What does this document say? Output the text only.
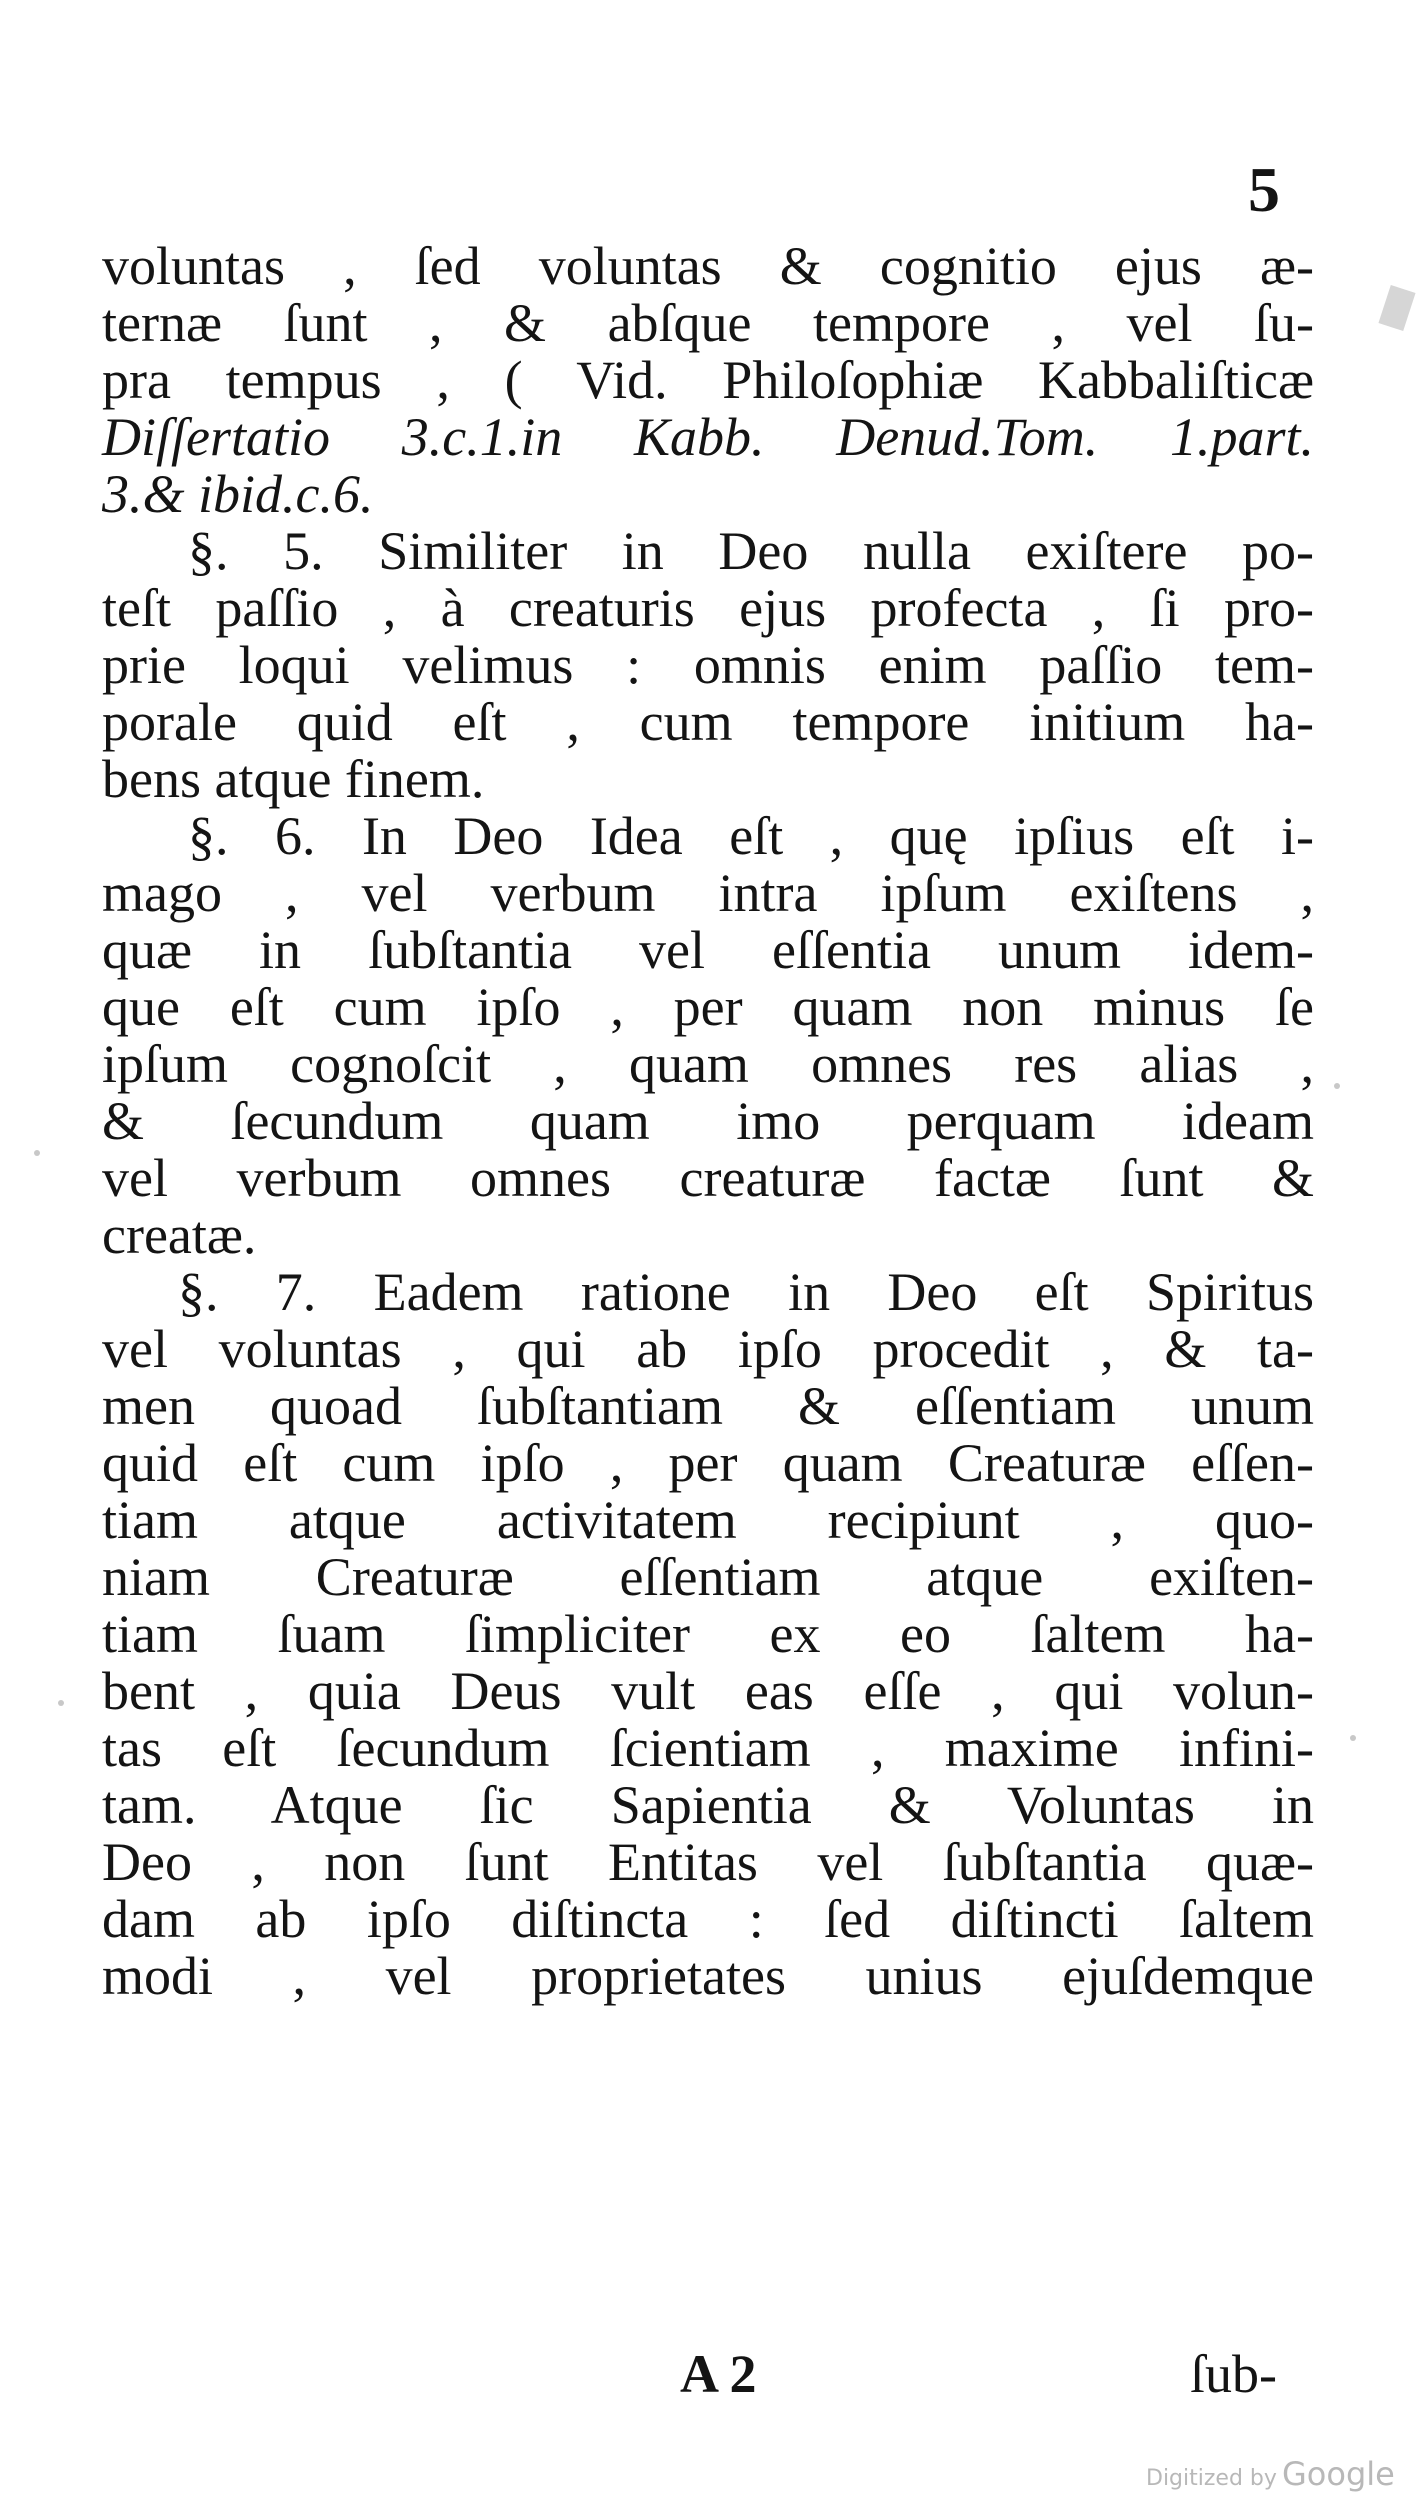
5
voluntas , ſed voluntas & cognitio ejus æ-
ternæ ſunt , & abſque tempore , vel ſu-
pra tempus , ( Vid. Philoſophiæ Kabbaliſticæ
Diſſertatio 3.c.1.in Kabb. Denud.Tom. 1.part.
3.& ibid.c.6.
§. 5. Similiter in Deo nulla exiſtere po-
teſt paſſio , à creaturis ejus profecta , ſi pro-
prie loqui velimus : omnis enim paſſio tem-
porale quid eſt , cum tempore initium ha-
bens atque finem.
§. 6. In Deo Idea eſt , quę ipſius eſt i-
mago , vel verbum intra ipſum exiſtens ,
quæ in ſubſtantia vel eſſentia unum idem-
que eſt cum ipſo , per quam non minus ſe
ipſum cognoſcit , quam omnes res alias ,
& ſecundum quam imo perquam ideam
vel verbum omnes creaturæ factæ ſunt &
creatæ.
§. 7. Eadem ratione in Deo eſt Spiritus
vel voluntas , qui ab ipſo procedit , & ta-
men quoad ſubſtantiam & eſſentiam unum
quid eſt cum ipſo , per quam Creaturæ eſſen-
tiam atque activitatem recipiunt , quo-
niam Creaturæ eſſentiam atque exiſten-
tiam ſuam ſimpliciter ex eo ſaltem ha-
bent , quia Deus vult eas eſſe , qui volun-
tas eſt ſecundum ſcientiam , maxime infini-
tam. Atque ſic Sapientia & Voluntas in
Deo , non ſunt Entitas vel ſubſtantia quæ-
dam ab ipſo diſtincta : ſed diſtincti ſaltem
modi , vel proprietates unius ejuſdemque
A 2	ſub-
Digitized by Google
